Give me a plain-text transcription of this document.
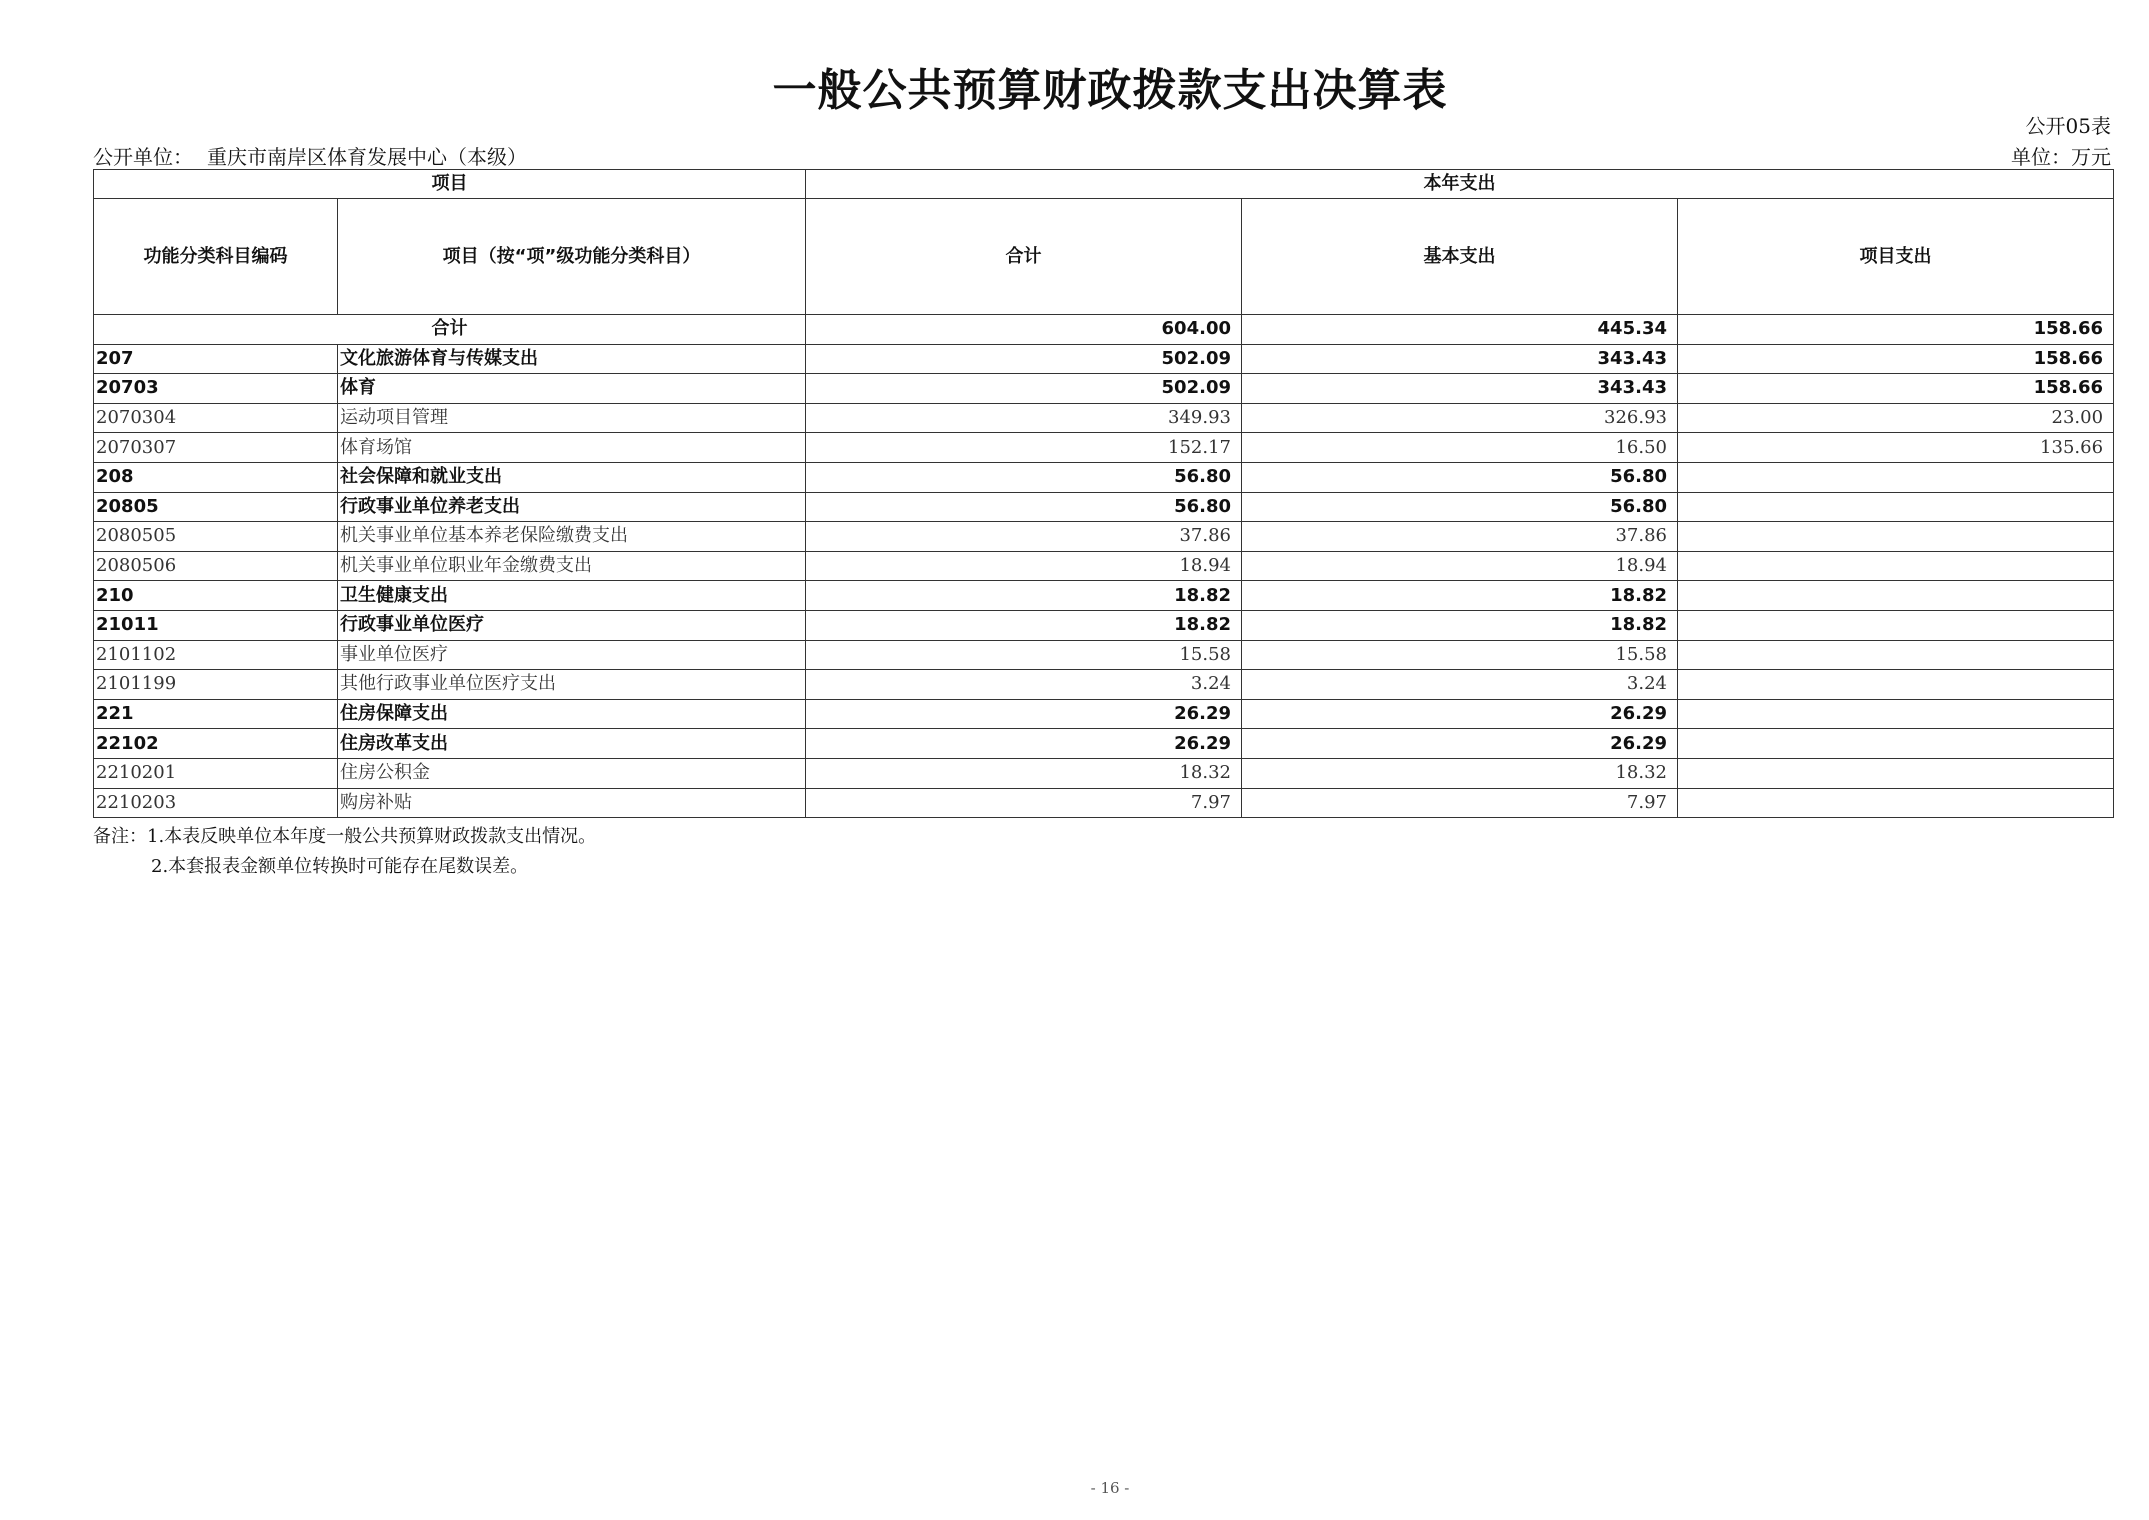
一般公共预算财政拨款支出决算表
公开05表
公开单位： 重庆市南岸区体育发展中心（本级）	单位：万元
项目		本年支出		
功能分类科目编码	项目（按“项”级功能分类科目）	合计	基本支出	项目支出
合计		604.00	445.34	158.66
207	文化旅游体育与传媒支出	502.09	343.43	158.66
20703	体育	502.09	343.43	158.66
2070304	运动项目管理	349.93	326.93	23.00
2070307	体育场馆	152.17	16.50	135.66
208	社会保障和就业支出	56.80	56.80	
20805	行政事业单位养老支出	56.80	56.80	
2080505	机关事业单位基本养老保险缴费支出	37.86	37.86	
2080506	机关事业单位职业年金缴费支出	18.94	18.94	
210	卫生健康支出	18.82	18.82	
21011	行政事业单位医疗	18.82	18.82	
2101102	事业单位医疗	15.58	15.58	
2101199	其他行政事业单位医疗支出	3.24	3.24	
221	住房保障支出	26.29	26.29	
22102	住房改革支出	26.29	26.29	
2210201	住房公积金	18.32	18.32	
2210203	购房补贴	7.97	7.97	
备注：1.本表反映单位本年度一般公共预算财政拨款支出情况。
2.本套报表金额单位转换时可能存在尾数误差。
- 16 -
